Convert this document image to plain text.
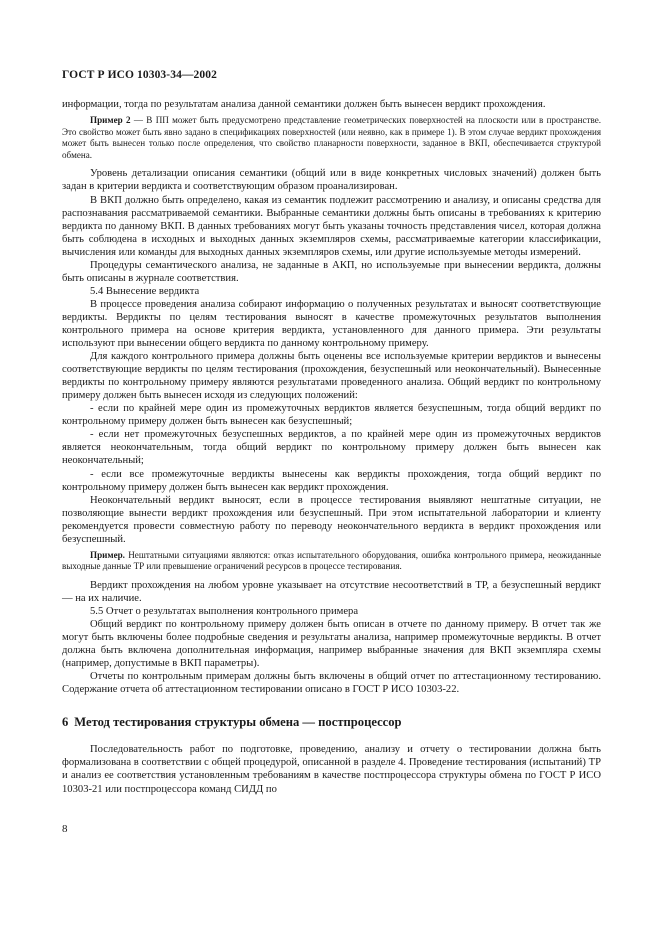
ГОСТ Р ИСО 10303-34—2002

информации, тогда по результатам анализа данной семантики должен быть вынесен вердикт прохождения.

Пример 2 — В ПП может быть предусмотрено представление геометрических поверхностей на плоскости или в пространстве. Это свойство может быть явно задано в спецификациях поверхностей (или неявно, как в примере 1). В этом случае вердикт прохождения может быть вынесен только после определения, что свойство планарности поверхности, заданное в ВКП, обеспечивается структурой обмена.

Уровень детализации описания семантики (общий или в виде конкретных числовых значений) должен быть задан в критерии вердикта и соответствующим образом проанализирован.

В ВКП должно быть определено, какая из семантик подлежит рассмотрению и анализу, и описаны средства для распознавания рассматриваемой семантики. Выбранные семантики должны быть описаны в требованиях к критерию вердикта по данному ВКП. В данных требованиях могут быть указаны точность представления чисел, которая должна быть соблюдена в исходных и выходных данных экземпляров схемы, рассматриваемые категории классификации, вычисления или команды для выходных данных экземпляров схемы, или другие используемые методы измерений.

Процедуры семантического анализа, не заданные в АКП, но используемые при вынесении вердикта, должны быть описаны в журнале соответствия.

5.4 Вынесение вердикта

В процессе проведения анализа собирают информацию о полученных результатах и выносят соответствующие вердикты. Вердикты по целям тестирования выносят в качестве промежуточных результатов выполнения контрольного примера на основе критерия вердикта, установленного для данного примера. Эти результаты используют при вынесении общего вердикта по данному контрольному примеру.

Для каждого контрольного примера должны быть оценены все используемые критерии вердиктов и вынесены соответствующие вердикты по целям тестирования (прохождения, безуспешный или неокончательный). Вынесенные вердикты по контрольному примеру являются результатами проведенного анализа. Общий вердикт по контрольному примеру должен быть вынесен исходя из следующих положений:

- если по крайней мере один из промежуточных вердиктов является безуспешным, тогда общий вердикт по контрольному примеру должен быть вынесен как безуспешный;

- если нет промежуточных безуспешных вердиктов, а по крайней мере один из промежуточных вердиктов является неокончательным, тогда общий вердикт по контрольному примеру должен быть вынесен как неокончательный;

- если все промежуточные вердикты вынесены как вердикты прохождения, тогда общий вердикт по контрольному примеру должен быть вынесен как вердикт прохождения.

Неокончательный вердикт выносят, если в процессе тестирования выявляют нештатные ситуации, не позволяющие вынести вердикт прохождения или безуспешный. При этом испытательной лаборатории и клиенту рекомендуется провести совместную работу по переводу неокончательного вердикта в вердикт прохождения или безуспешный.

Пример. Нештатными ситуациями являются: отказ испытательного оборудования, ошибка контрольного примера, неожиданные выходные данные ТР или превышение ограничений ресурсов в процессе тестирования.

Вердикт прохождения на любом уровне указывает на отсутствие несоответствий в ТР, а безуспешный вердикт — на их наличие.

5.5 Отчет о результатах выполнения контрольного примера

Общий вердикт по контрольному примеру должен быть описан в отчете по данному примеру. В отчет так же могут быть включены более подробные сведения и результаты анализа, например промежуточные вердикты. В отчет должна быть включена дополнительная информация, например выбранные значения для ВКП экземпляра схемы (например, допустимые в ВКП параметры).

Отчеты по контрольным примерам должны быть включены в общий отчет по аттестационному тестированию. Содержание отчета об аттестационном тестировании описано в ГОСТ Р ИСО 10303-22.

6 Метод тестирования структуры обмена — постпроцессор

Последовательность работ по подготовке, проведению, анализу и отчету о тестировании должна быть формализована в соответствии с общей процедурой, описанной в разделе 4. Проведение тестирования (испытаний) ТР и анализ ее соответствия установленным требованиям в качестве постпроцессора структуры обмена по ГОСТ Р ИСО 10303-21 или постпроцессора команд СИДД по

8
